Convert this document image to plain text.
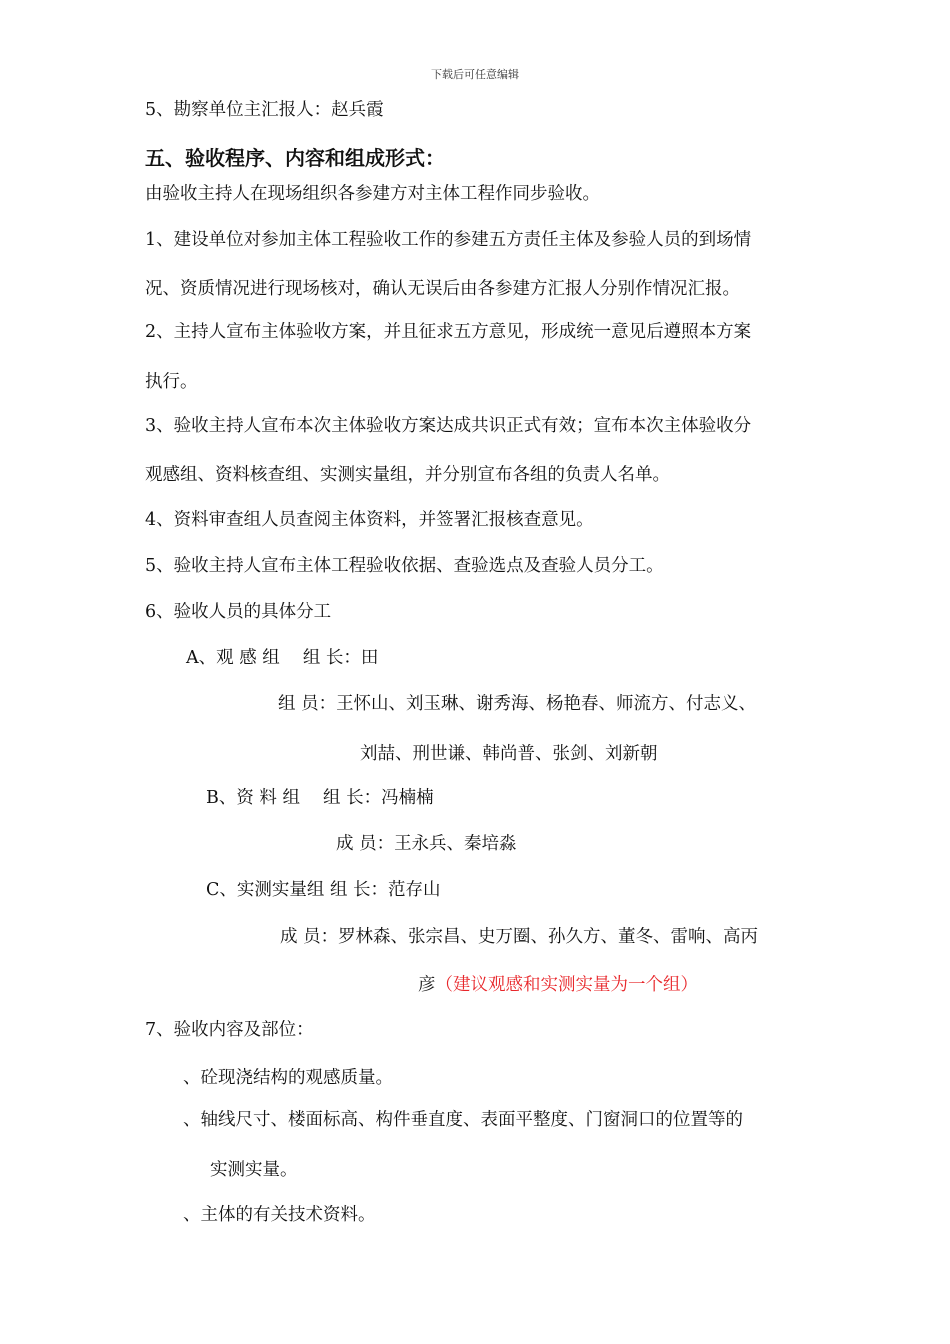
下载后可任意编辑
5、勘察单位主汇报人：赵兵霞
五、验收程序、内容和组成形式：
由验收主持人在现场组织各参建方对主体工程作同步验收。
1、建设单位对参加主体工程验收工作的参建五方责任主体及参验人员的到场情
况、资质情况进行现场核对，确认无误后由各参建方汇报人分别作情况汇报。
2、主持人宣布主体验收方案，并且征求五方意见，形成统一意见后遵照本方案
执行。
3、验收主持人宣布本次主体验收方案达成共识正式有效；宣布本次主体验收分
观感组、资料核查组、实测实量组，并分别宣布各组的负责人名单。
4、资料审查组人员查阅主体资料，并签署汇报核查意见。
5、验收主持人宣布主体工程验收依据、查验选点及查验人员分工。
6、验收人员的具体分工
A、观 感 组　 组 长：田
组 员：王怀山、刘玉琳、谢秀海、杨艳春、师流方、付志义、
刘喆、刑世谦、韩尚普、张剑、刘新朝
B、资 料 组　 组 长：冯楠楠
成 员：王永兵、秦培淼
C、实测实量组 组 长：范存山
成 员：罗林森、张宗昌、史万圈、孙久方、董冬、雷响、高丙
彦（建议观感和实测实量为一个组）
7、验收内容及部位：
、砼现浇结构的观感质量。
、轴线尺寸、楼面标高、构件垂直度、表面平整度、门窗洞口的位置等的
实测实量。
、主体的有关技术资料。
